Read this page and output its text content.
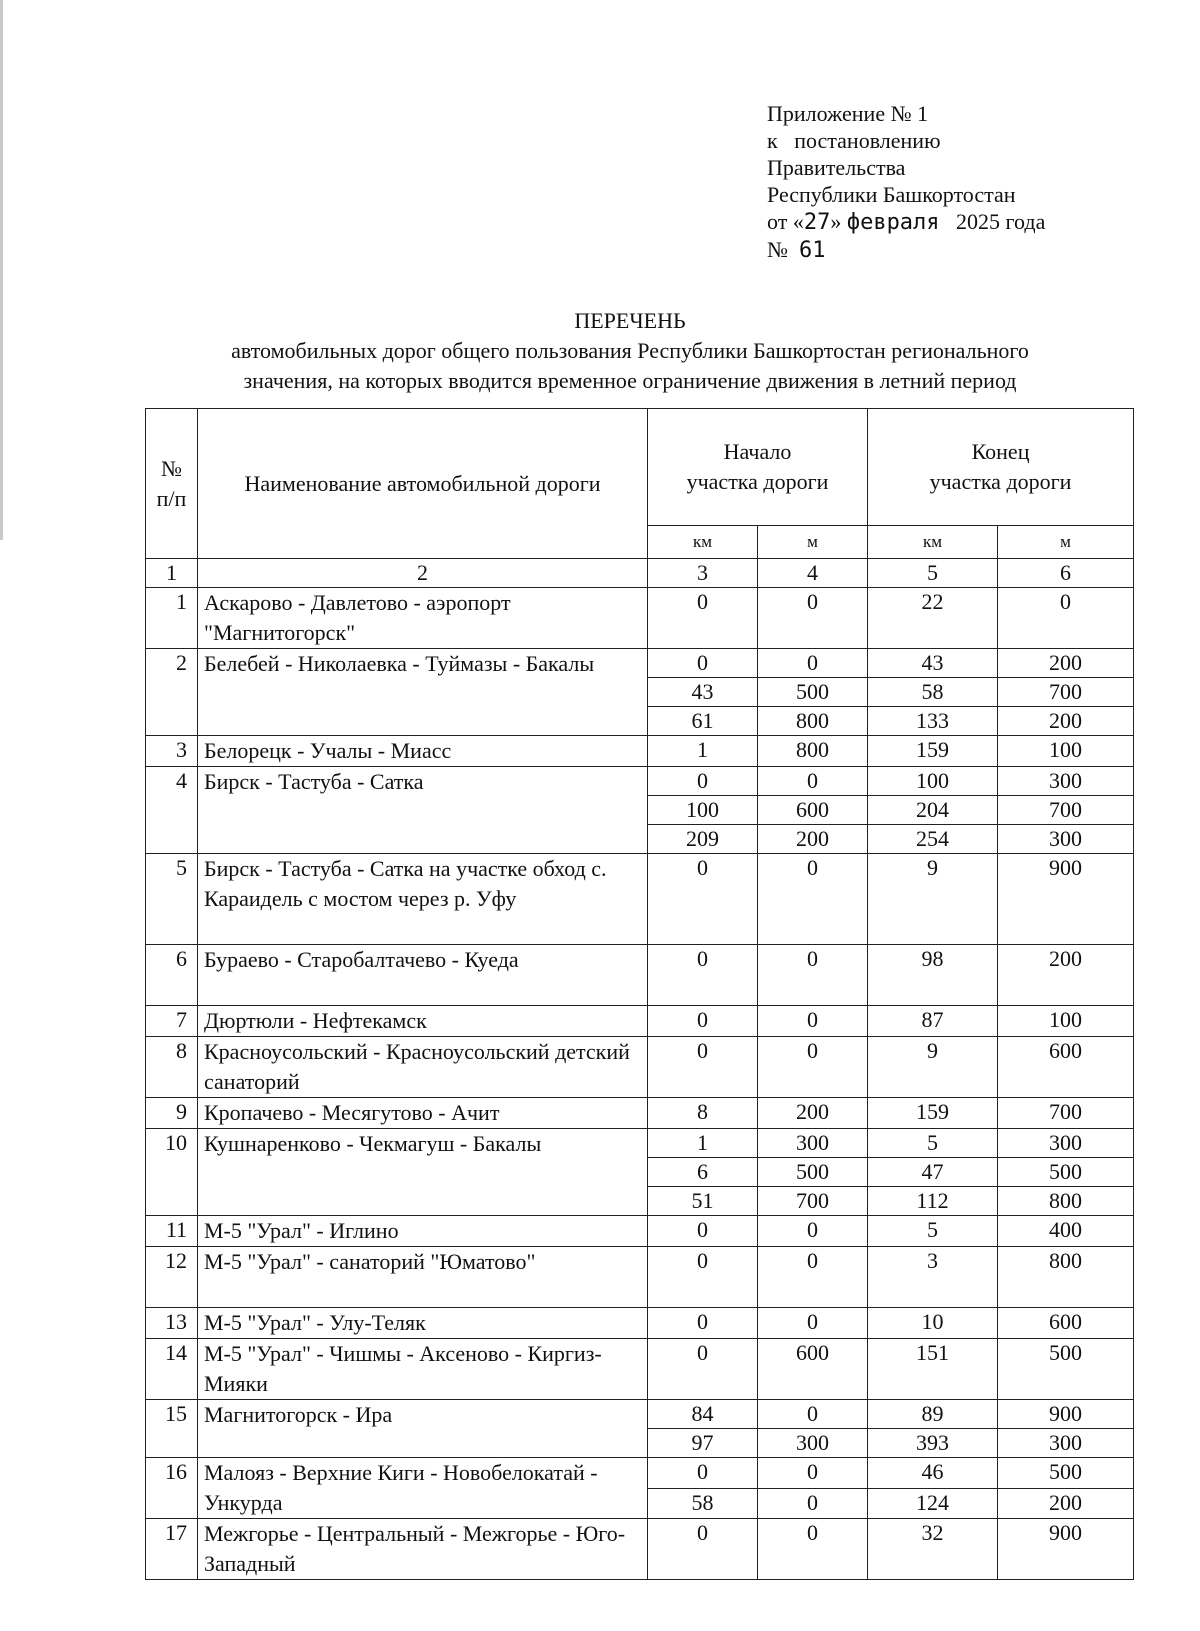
Приложение № 1
к   постановлению
Правительства
Республики Башкортостан
от «27» февраля   2025 года
№  61
ПЕРЕЧЕНЬ
автомобильных дорог общего пользования Республики Башкортостан регионального
значения, на которых вводится временное ограничение движения в летний период
№
п/п	Наименование автомобильной дороги	Начало
участка дороги		Конец
участка дороги	
		км	м	км	м
1	2	3	4	5	6
1	Аскарово - Давлетово - аэропорт "Магнитогорск"	0	0	22	0
2	Белебей - Николаевка - Туймазы - Бакалы	0	0	43	200
		43	500	58	700
		61	800	133	200
3	Белорецк - Учалы - Миасс	1	800	159	100
4	Бирск - Тастуба - Сатка	0	0	100	300
		100	600	204	700
		209	200	254	300
5	Бирск - Тастуба - Сатка на участке обход с. Караидель с мостом через р. Уфу	0	0	9	900
6	Бураево - Старобалтачево - Куеда	0	0	98	200
7	Дюртюли - Нефтекамск	0	0	87	100
8	Красноусольский - Красноусольский детский санаторий	0	0	9	600
9	Кропачево - Месягутово - Ачит	8	200	159	700
10	Кушнаренково - Чекмагуш - Бакалы	1	300	5	300
		6	500	47	500
		51	700	112	800
11	М-5 "Урал" - Иглино	0	0	5	400
12	М-5 "Урал" - санаторий "Юматово"	0	0	3	800
13	М-5 "Урал" - Улу-Теляк	0	0	10	600
14	М-5 "Урал" - Чишмы - Аксеново - Киргиз-Мияки	0	600	151	500
15	Магнитогорск - Ира	84	0	89	900
		97	300	393	300
16	Малояз - Верхние Киги - Новобелокатай - Ункурда	0	0	46	500
		58	0	124	200
17	Межгорье - Центральный - Межгорье - Юго-Западный	0	0	32	900
